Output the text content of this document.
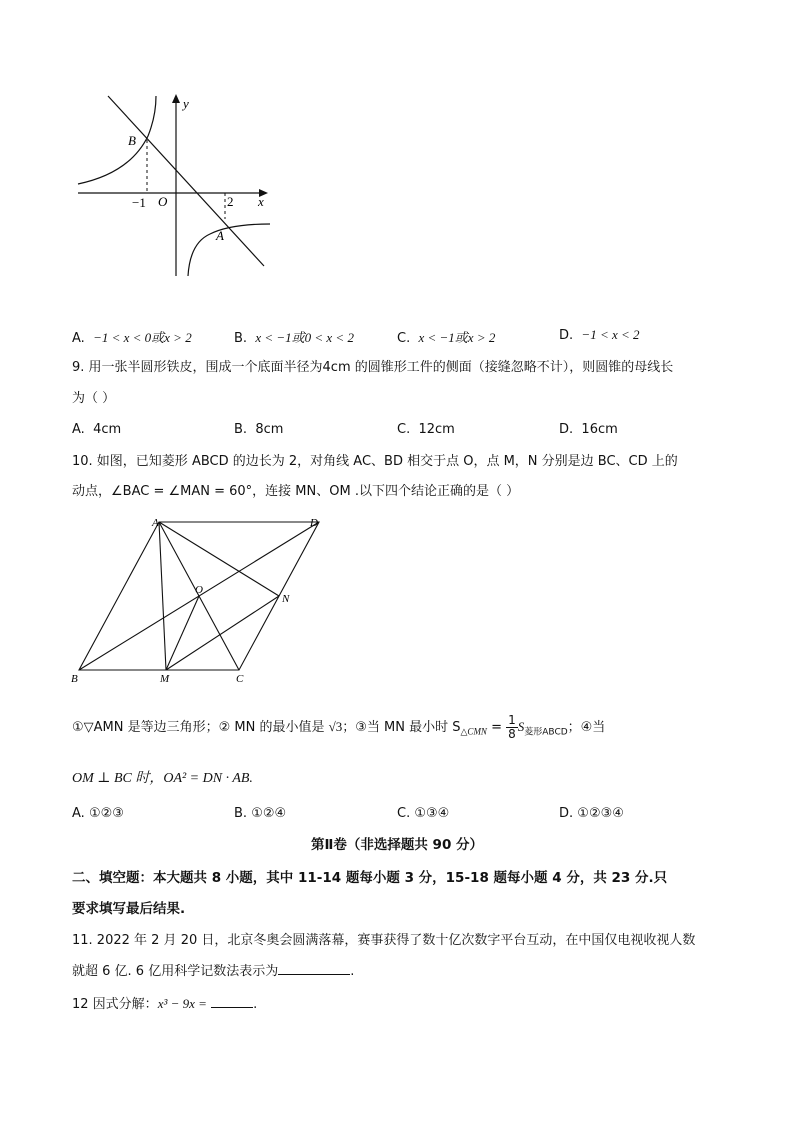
B
A
O	x
y
−1	2
A. −1 < x < 0或x > 2	B. x < −1或0 < x < 2	C. x < −1或x > 2	D. −1 < x < 2
9. 用一张半圆形铁皮，围成一个底面半径为4cm 的圆锥形工件的侧面（接缝忽略不计），则圆锥的母线长
为（ ）
A. 4cm	B. 8cm	C. 12cm	D. 16cm
10. 如图，已知菱形 ABCD 的边长为 2，对角线 AC、BD 相交于点 O，点 M，N 分别是边 BC、CD 上的
动点，∠BAC = ∠MAN = 60°，连接 MN、OM .以下四个结论正确的是（ ）
A	D
B	C
M
N
O
①▽AMN 是等边三角形；② MN 的最小值是 √3；③当 MN 最小时 $S_{\triangle CMN} = \frac{1}{8} S_{菱形ABCD}$；④当
OM ⊥ BC 时，OA² = DN · AB.
A. ①②③	B. ①②④	C. ①③④	D. ①②③④
第Ⅱ卷（非选择题共 90 分）
二、填空题：本大题共 8 小题，其中 11-14 题每小题 3 分，15-18 题每小题 4 分，共 23 分.只
要求填写最后结果.
11. 2022 年 2 月 20 日，北京冬奥会圆满落幕，赛事获得了数十亿次数字平台互动，在中国仅电视收视人数
就超 6 亿. 6 亿用科学记数法表示为	.
12 因式分解：x³ − 9x =	.
